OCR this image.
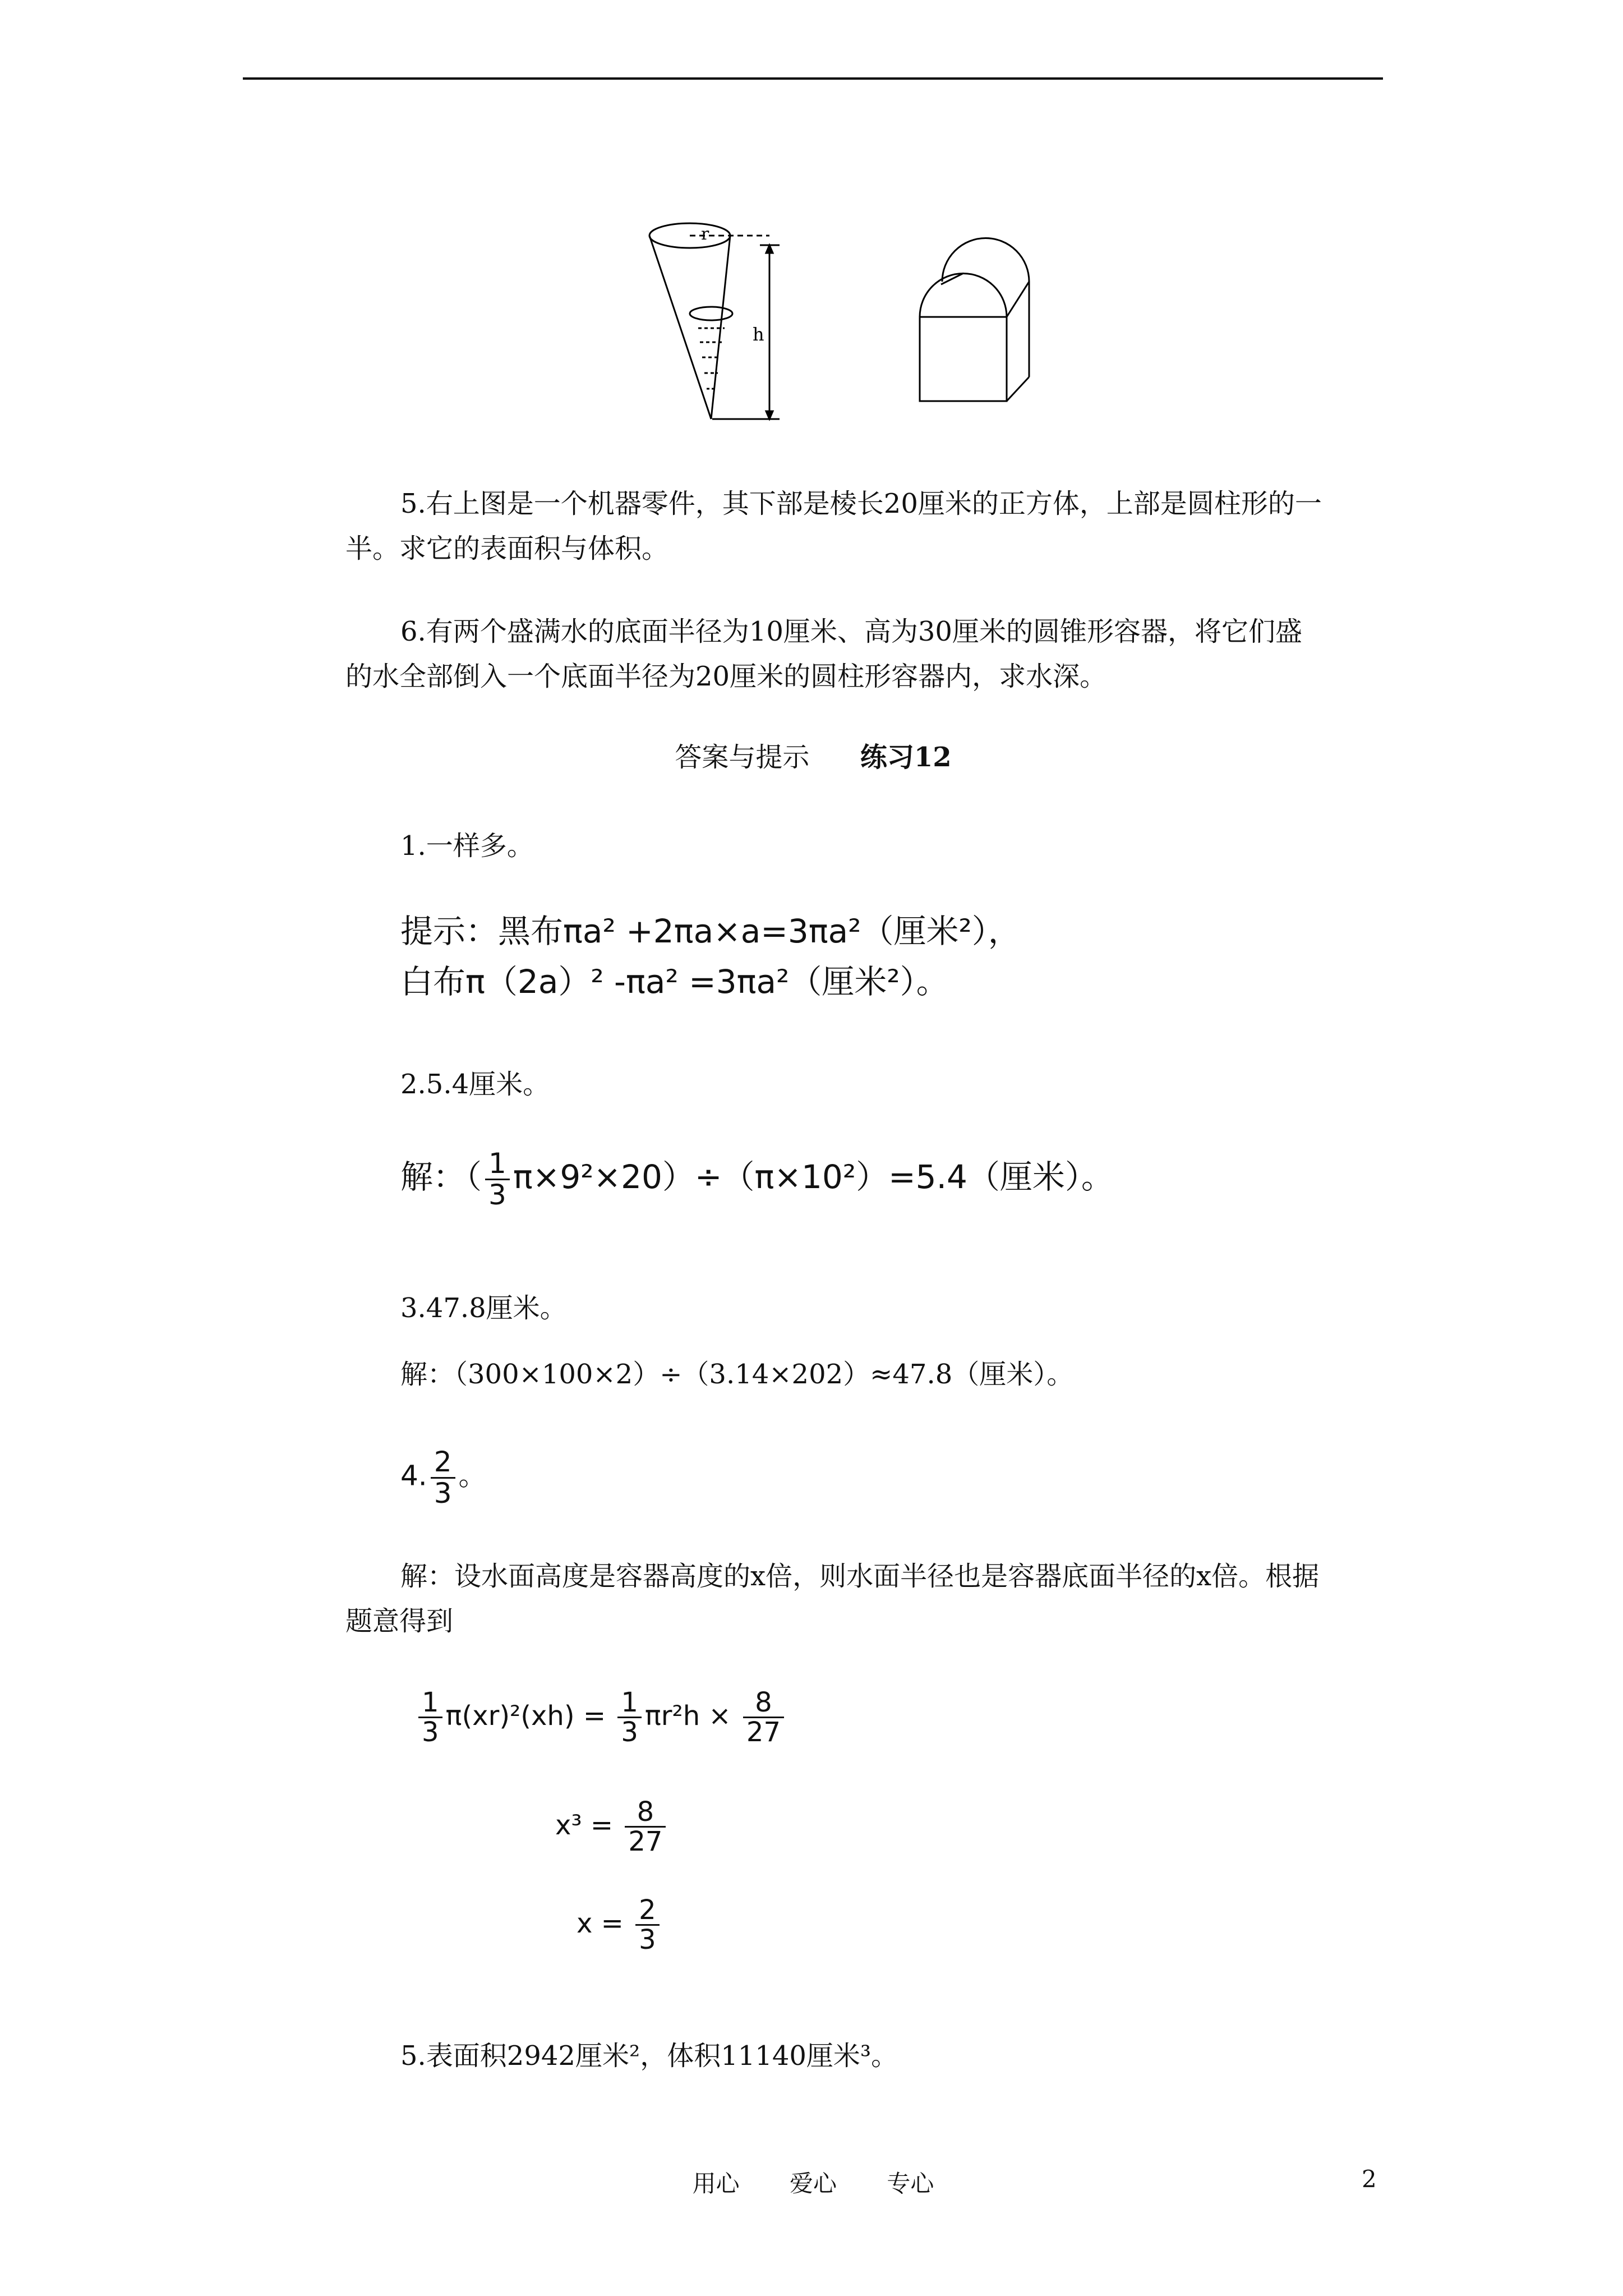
r
h
5.右上图是一个机器零件，其下部是棱长20厘米的正方体，上部是圆柱形的一半。求它的表面积与体积。
6.有两个盛满水的底面半径为10厘米、高为30厘米的圆锥形容器，将它们盛的水全部倒入一个底面半径为20厘米的圆柱形容器内，求水深。
答案与提示 练习12
1.一样多。
提示：黑布πa² +2πa×a=3πa²（厘米²），
白布π（2a）² -πa² =3πa²（厘米²）。
2.5.4厘米。
解：（ $\frac{1}{3} \pi\times 9^2\times 20)\div(\pi\times 10^2)=5.4$（厘米）。
3.47.8厘米。
解：（300×100×2）÷（3.14×202）≈47.8（厘米）。
4. $\frac{2}{3}$ 。
解：设水面高度是容器高度的x倍，则水面半径也是容器底面半径的x倍。根据题意得到
$\frac{1}{3} \pi(xr)^2(xh) = \frac{1}{3} \pi r^2h \times \frac{8}{27}$
$x^3 = \frac{8}{27}$
$x = \frac{2}{3}$
5.表面积2942厘米²，体积11140厘米³。
用心 爱心 专心	2
